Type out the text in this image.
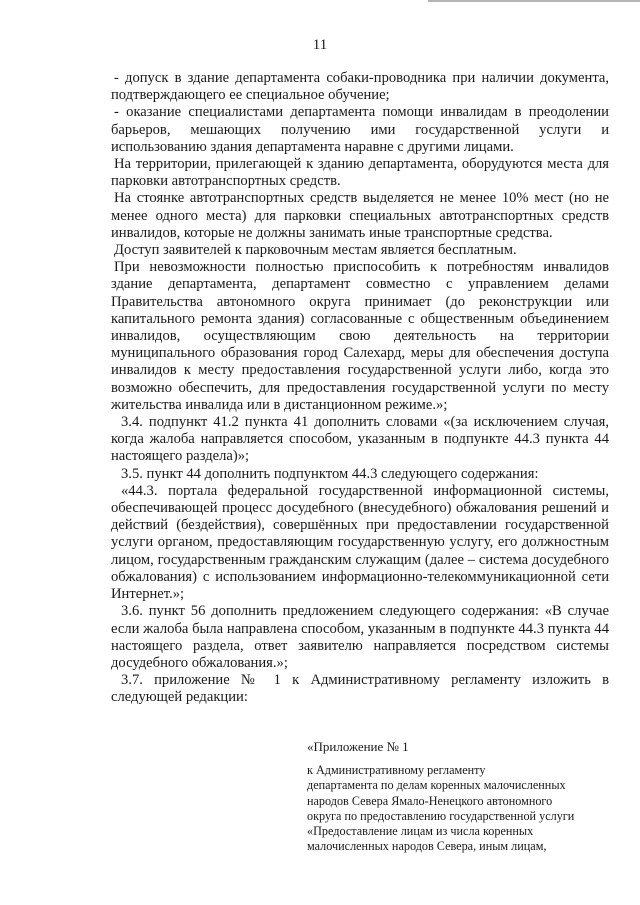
11

- допуск в здание департамента собаки-проводника при наличии документа, подтверждающего ее специальное обучение;

- оказание специалистами департамента помощи инвалидам в преодолении барьеров, мешающих получению ими государственной услуги и использованию здания департамента наравне с другими лицами.

На территории, прилегающей к зданию департамента, оборудуются места для парковки автотранспортных средств.

На стоянке автотранспортных средств выделяется не менее 10% мест (но не менее одного места) для парковки специальных автотранспортных средств инвалидов, которые не должны занимать иные транспортные средства.

Доступ заявителей к парковочным местам является бесплатным.

При невозможности полностью приспособить к потребностям инвалидов здание департамента, департамент совместно с управлением делами Правительства автономного округа принимает (до реконструкции или капитального ремонта здания) согласованные с общественным объединением инвалидов, осуществляющим свою деятельность на территории муниципального образования город Салехард, меры для обеспечения доступа инвалидов к месту предоставления государственной услуги либо, когда это возможно обеспечить, для предоставления государственной услуги по месту жительства инвалида или в дистанционном режиме.»;

3.4. подпункт 41.2 пункта 41 дополнить словами «(за исключением случая, когда жалоба направляется способом, указанным в подпункте 44.3 пункта 44 настоящего раздела)»;

3.5. пункт 44 дополнить подпунктом 44.3 следующего содержания:

«44.3. портала федеральной государственной информационной системы, обеспечивающей процесс досудебного (внесудебного) обжалования решений и действий (бездействия), совершённых при предоставлении государственной услуги органом, предоставляющим государственную услугу, его должностным лицом, государственным гражданским служащим (далее – система досудебного обжалования) с использованием информационно-телекоммуникационной сети Интернет.»;

3.6. пункт 56 дополнить предложением следующего содержания: «В случае если жалоба была направлена способом, указанным в подпункте 44.3 пункта 44 настоящего раздела, ответ заявителю направляется посредством системы досудебного обжалования.»;

3.7. приложение № 1 к Административному регламенту изложить в следующей редакции:

«Приложение № 1

к Административному регламенту

департамента по делам коренных малочисленных

народов Севера Ямало-Ненецкого автономного

округа по предоставлению государственной услуги

«Предоставление лицам из числа коренных

малочисленных народов Севера, иным лицам,
